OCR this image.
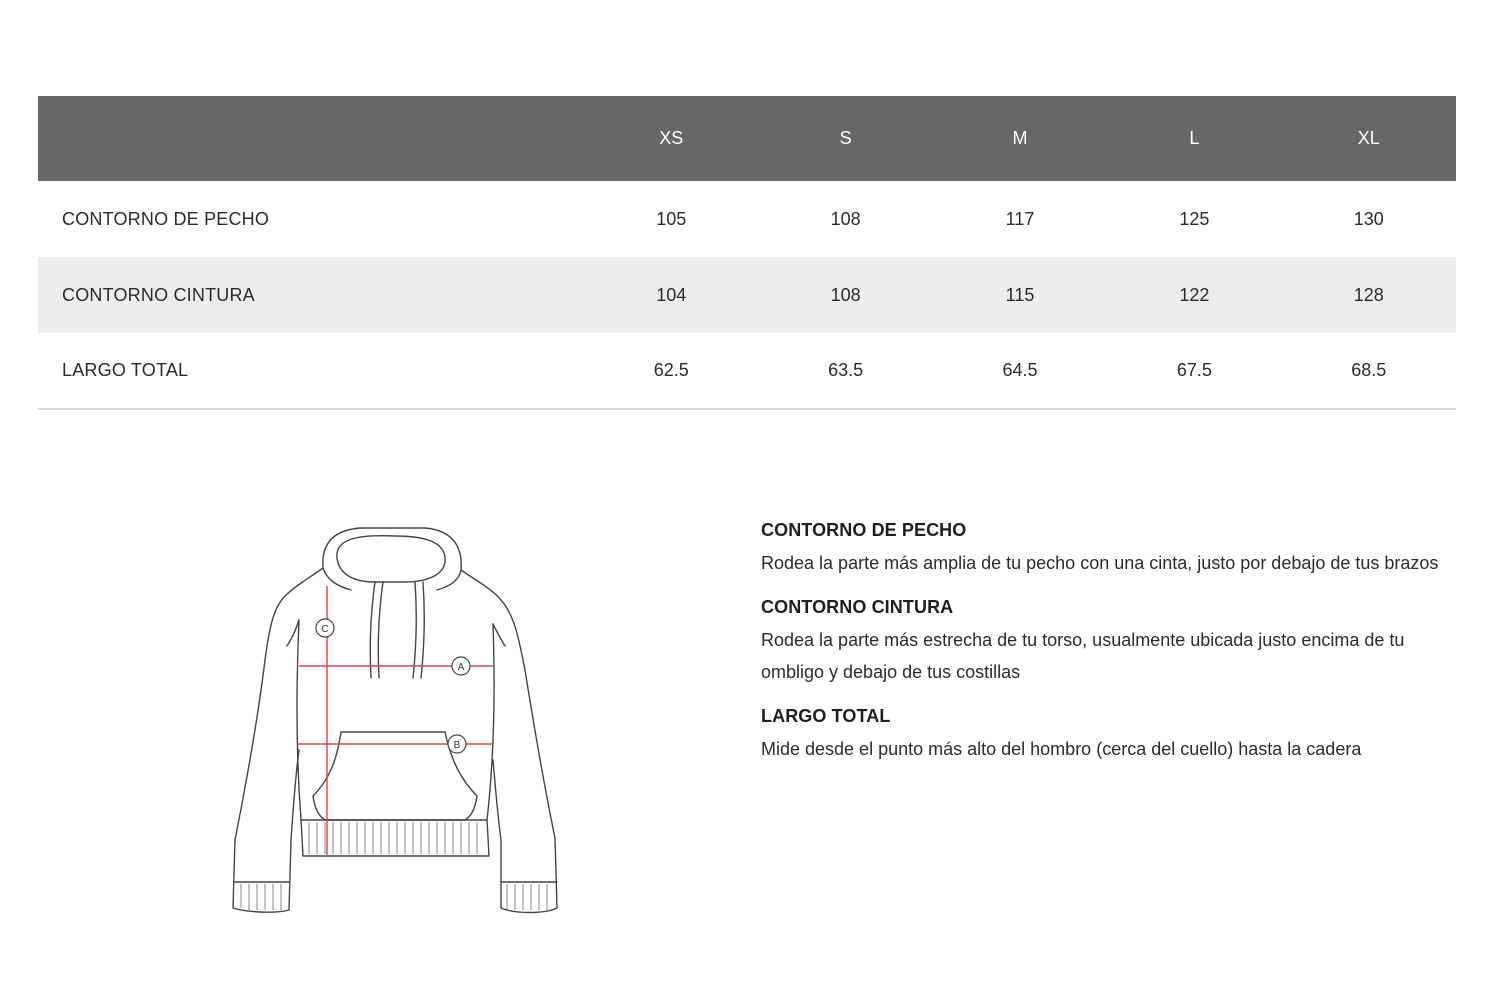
	XS	S	M	L	XL
CONTORNO DE PECHO	105	108	117	125	130
CONTORNO CINTURA	104	108	115	122	128
LARGO TOTAL	62.5	63.5	64.5	67.5	68.5
A
B
C

CONTORNO DE PECHO

Rodea la parte más amplia de tu pecho con una cinta, justo por debajo de tus brazos

CONTORNO CINTURA

Rodea la parte más estrecha de tu torso, usualmente ubicada justo encima de tu ombligo y debajo de tus costillas

LARGO TOTAL

Mide desde el punto más alto del hombro (cerca del cuello) hasta la cadera
